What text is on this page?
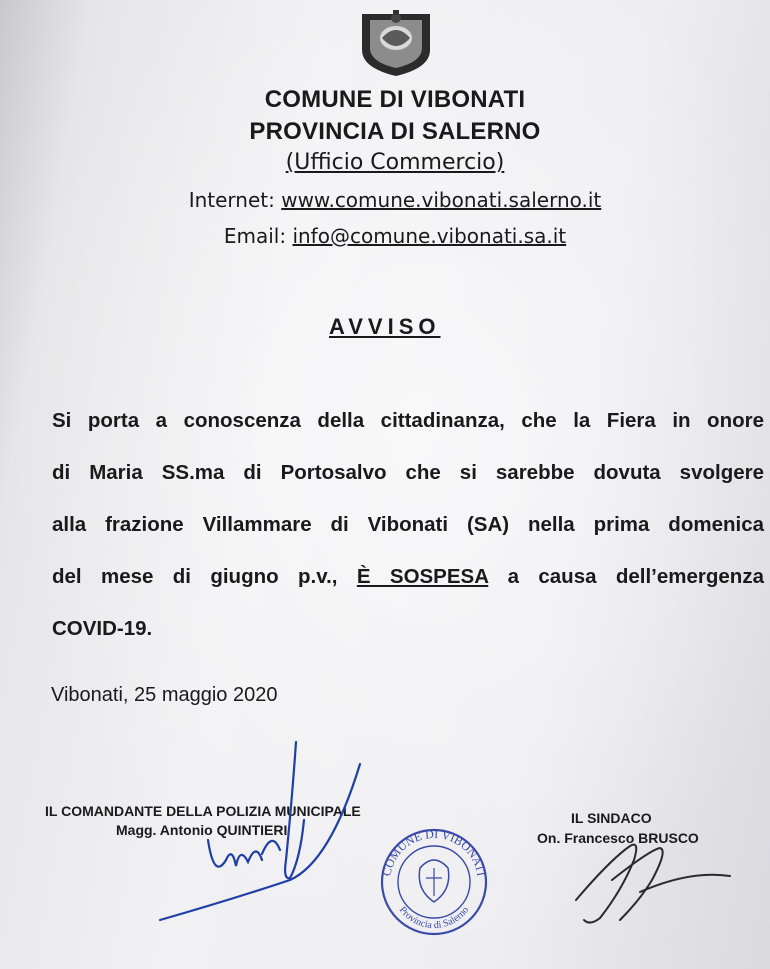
COMUNE DI VIBONATI
PROVINCIA DI SALERNO
(Ufficio Commercio)
Internet: www.comune.vibonati.salerno.it
Email: info@comune.vibonati.sa.it
AVVISO
Si porta a conoscenza della cittadinanza, che la Fiera in onore
di Maria SS.ma di Portosalvo che si sarebbe dovuta svolgere
alla frazione Villammare di Vibonati (SA) nella prima domenica
del mese di giugno p.v., È SOSPESA a causa dell’emergenza
COVID-19.
Vibonati, 25 maggio 2020
IL COMANDANTE DELLA POLIZIA MUNICIPALE
Magg. Antonio QUINTIERI
IL SINDACO
On. Francesco BRUSCO
COMUNE DI VIBONATI
Provincia di Salerno
